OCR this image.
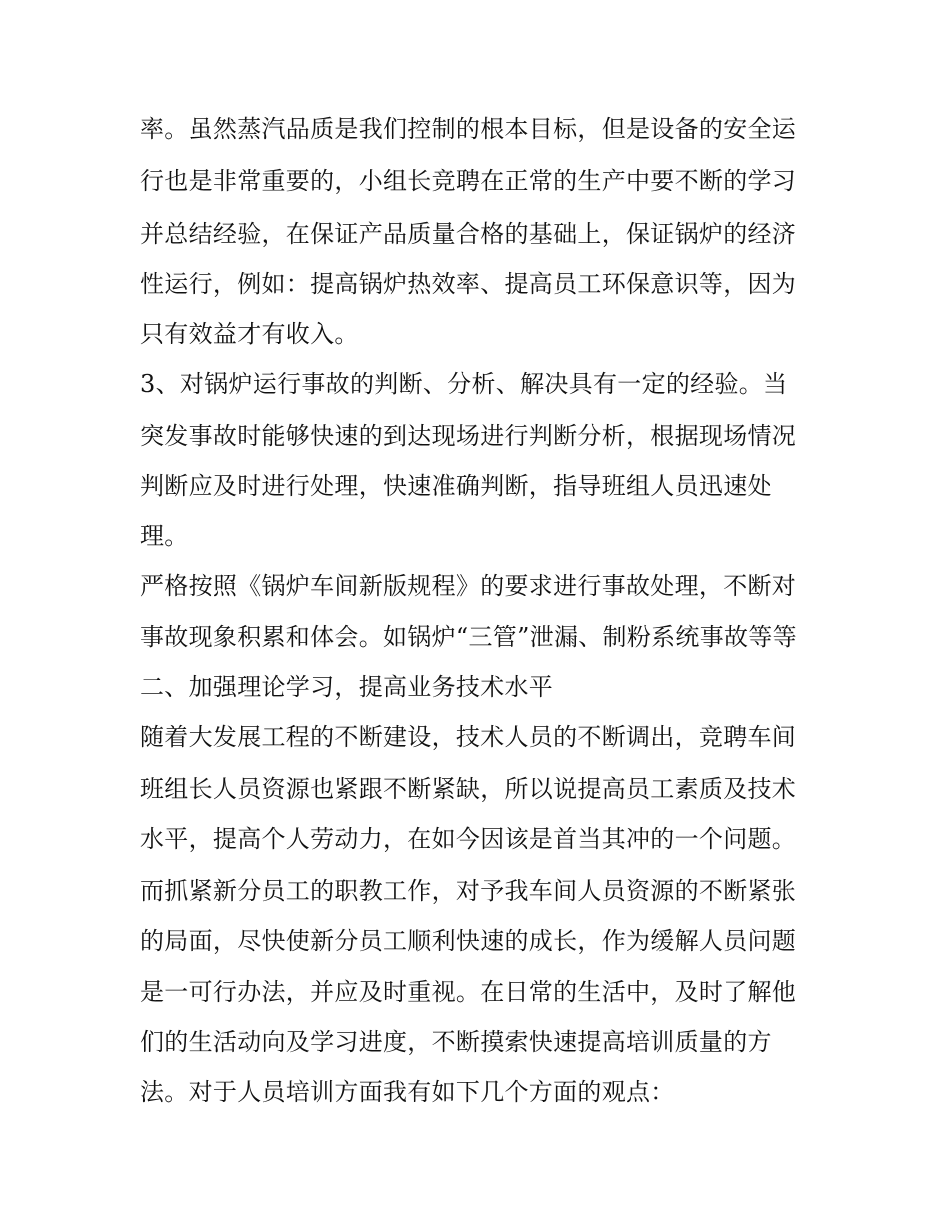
率。虽然蒸汽品质是我们控制的根本目标，但是设备的安全运

行也是非常重要的，小组长竞聘在正常的生产中要不断的学习

并总结经验，在保证产品质量合格的基础上，保证锅炉的经济

性运行，例如：提高锅炉热效率、提高员工环保意识等，因为

只有效益才有收入。

3、对锅炉运行事故的判断、分析、解决具有一定的经验。当

突发事故时能够快速的到达现场进行判断分析，根据现场情况

判断应及时进行处理，快速准确判断，指导班组人员迅速处

理。

严格按照《锅炉车间新版规程》的要求进行事故处理，不断对

事故现象积累和体会。如锅炉“三管”泄漏、制粉系统事故等等

二、加强理论学习，提高业务技术水平

随着大发展工程的不断建设，技术人员的不断调出，竞聘车间

班组长人员资源也紧跟不断紧缺，所以说提高员工素质及技术

水平，提高个人劳动力，在如今因该是首当其冲的一个问题。

而抓紧新分员工的职教工作，对予我车间人员资源的不断紧张

的局面，尽快使新分员工顺利快速的成长，作为缓解人员问题

是一可行办法，并应及时重视。在日常的生活中，及时了解他

们的生活动向及学习进度，不断摸索快速提高培训质量的方

法。对于人员培训方面我有如下几个方面的观点：
